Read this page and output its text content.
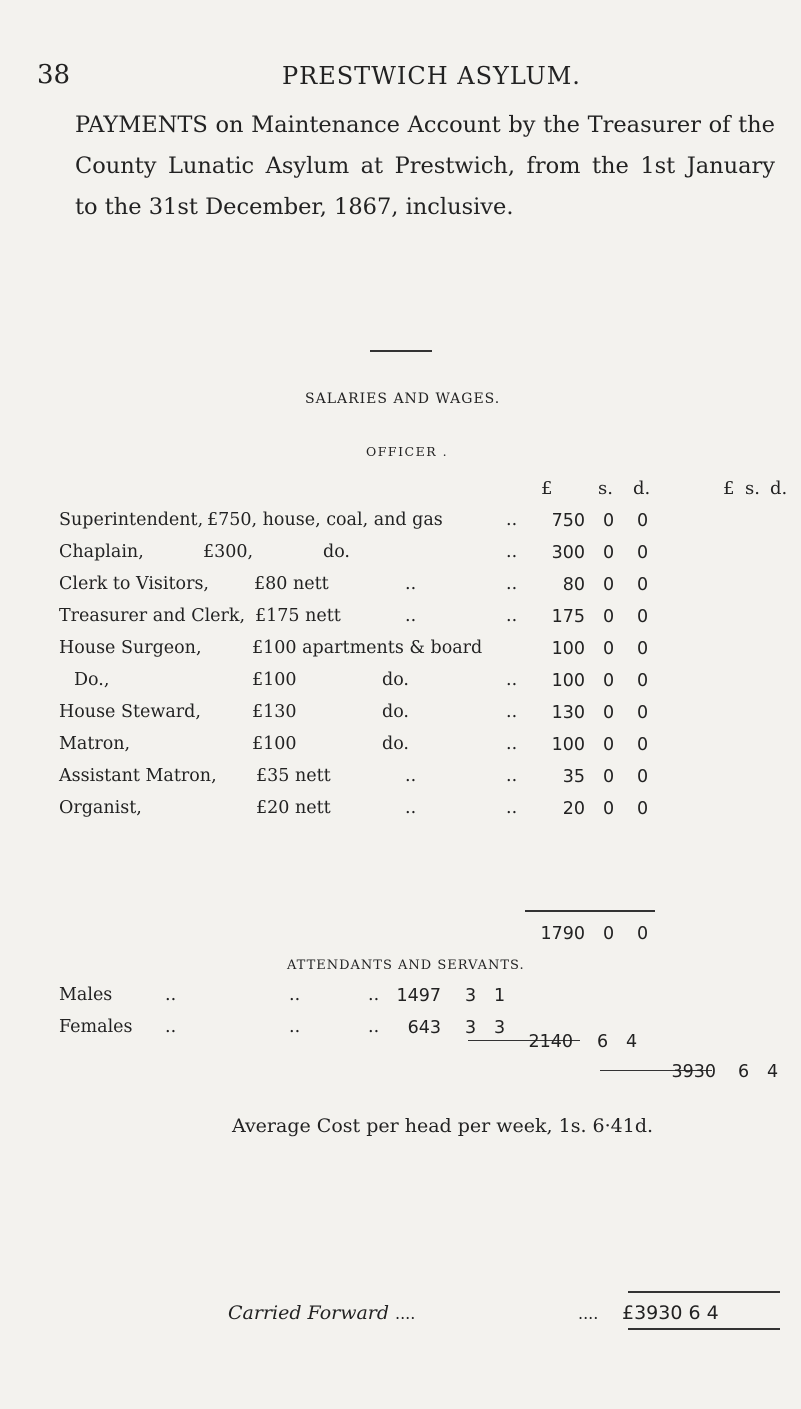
38	PRESTWICH ASYLUM.
PAYMENTS on Maintenance Account by the Treasurer of the
County Lunatic Asylum at Prestwich, from the 1st January
to the 31st December, 1867, inclusive.
SALARIES AND WAGES.
OFFICER .
£	s. d.	£ s. d.
Superintendent, £750, house, coal, and gas	..	750 0 0
Chaplain,	£300,	do.	..	300 0 0
Clerk to Visitors,	£80 nett	..	..	80 0 0
Treasurer and Clerk, £175 nett	..	..	175 0 0
House Surgeon,	£100 apartments & board	100 0 0
Do.,	£100	do.	..	100 0 0
House Steward,	£130	do.	..	130 0 0
Matron,	£100	do.	..	100 0 0
Assistant Matron, £35 nett	..	..	35 0 0
Organist,	£20 nett	..	..	20 0 0
1790 0 0
ATTENDANTS AND SERVANTS.
Males	..	..	.. 1497 3 1
Females ..	..	..	643 3 3
2140 6 4
3930 6 4
Average Cost per head per week, 1s. 6·41d.
Carried Forward ....	.... £3930 6 4
